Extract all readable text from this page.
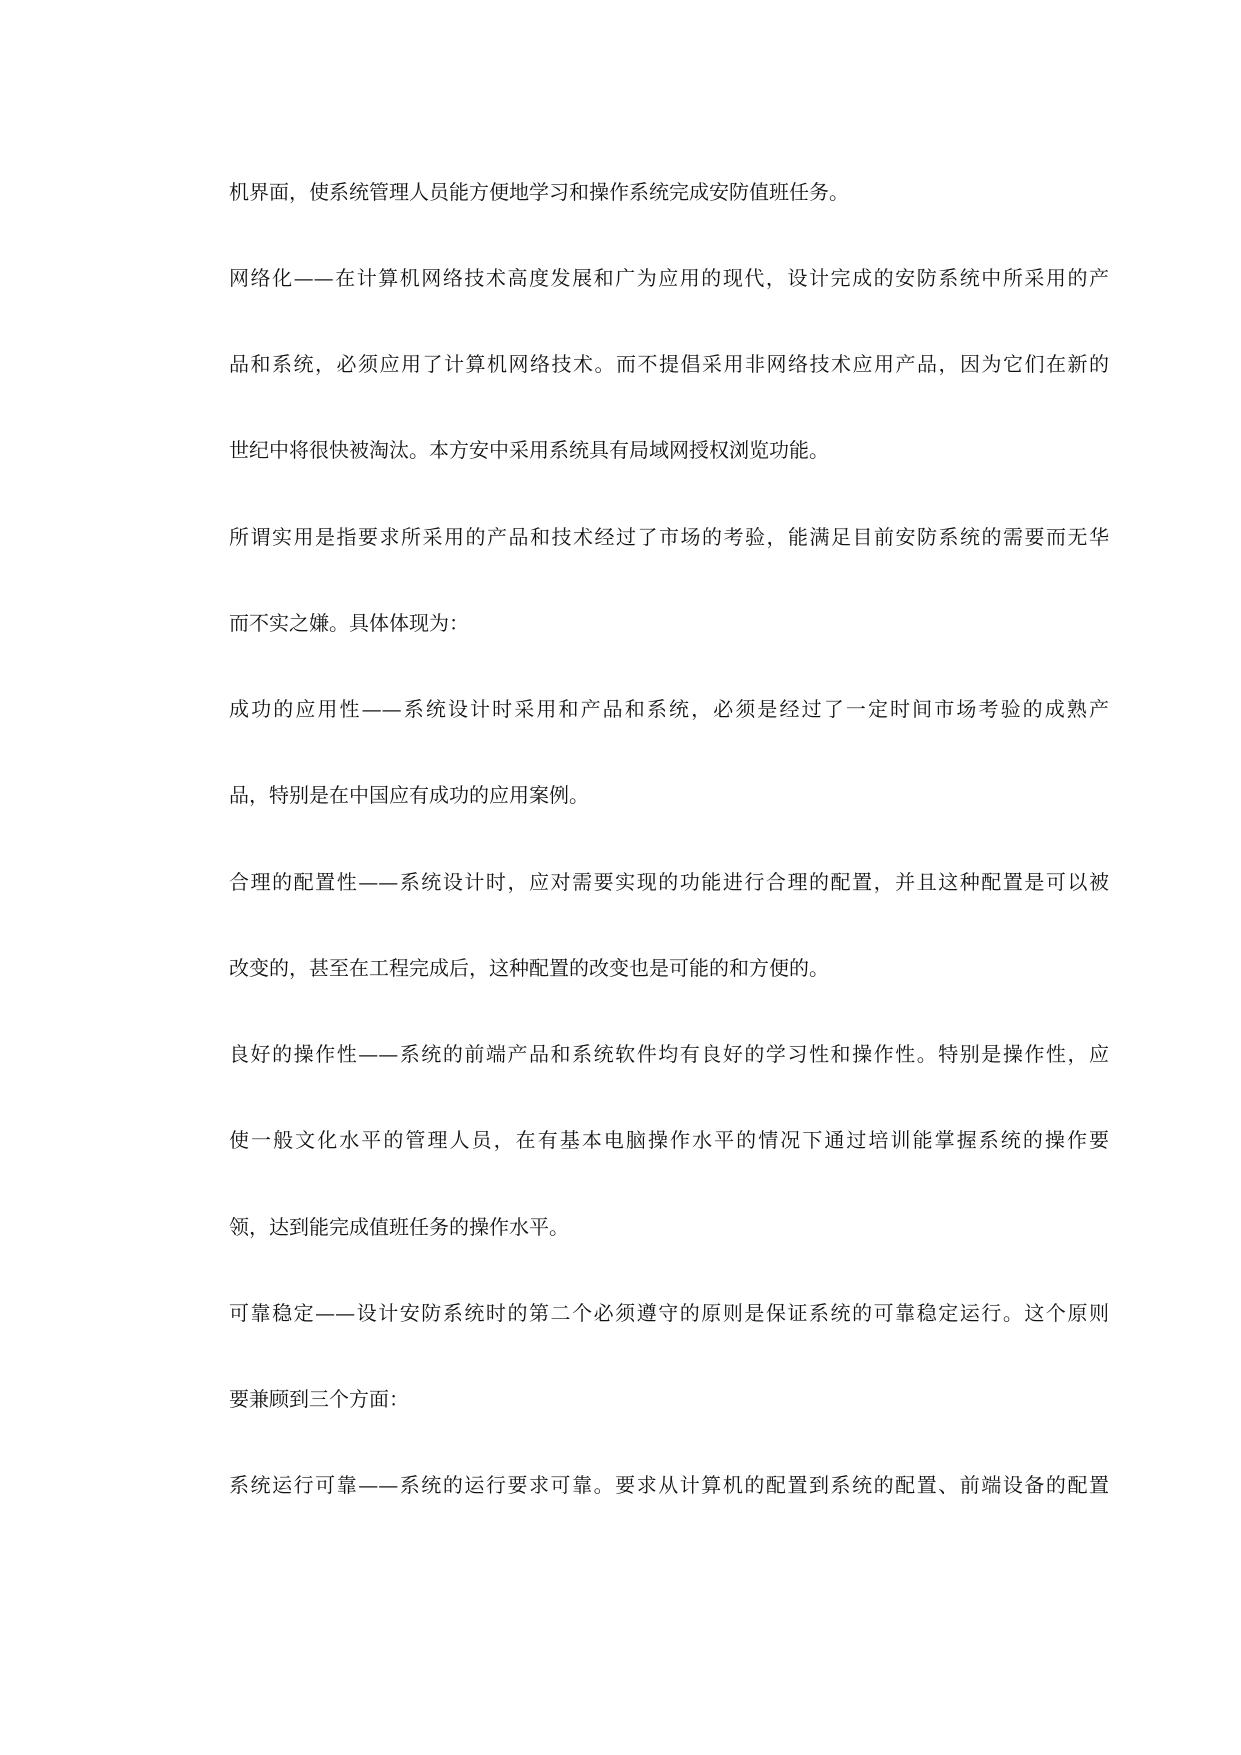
机界面，使系统管理人员能方便地学习和操作系统完成安防值班任务。
网络化——在计算机网络技术高度发展和广为应用的现代，设计完成的安防系统中所采用的产
品和系统，必须应用了计算机网络技术。而不提倡采用非网络技术应用产品，因为它们在新的
世纪中将很快被淘汰。本方安中采用系统具有局域网授权浏览功能。
所谓实用是指要求所采用的产品和技术经过了市场的考验，能满足目前安防系统的需要而无华
而不实之嫌。具体体现为：
成功的应用性——系统设计时采用和产品和系统，必须是经过了一定时间市场考验的成熟产
品，特别是在中国应有成功的应用案例。
合理的配置性——系统设计时，应对需要实现的功能进行合理的配置，并且这种配置是可以被
改变的，甚至在工程完成后，这种配置的改变也是可能的和方便的。
良好的操作性——系统的前端产品和系统软件均有良好的学习性和操作性。特别是操作性，应
使一般文化水平的管理人员，在有基本电脑操作水平的情况下通过培训能掌握系统的操作要
领，达到能完成值班任务的操作水平。
可靠稳定——设计安防系统时的第二个必须遵守的原则是保证系统的可靠稳定运行。这个原则
要兼顾到三个方面：
系统运行可靠——系统的运行要求可靠。要求从计算机的配置到系统的配置、前端设备的配置
